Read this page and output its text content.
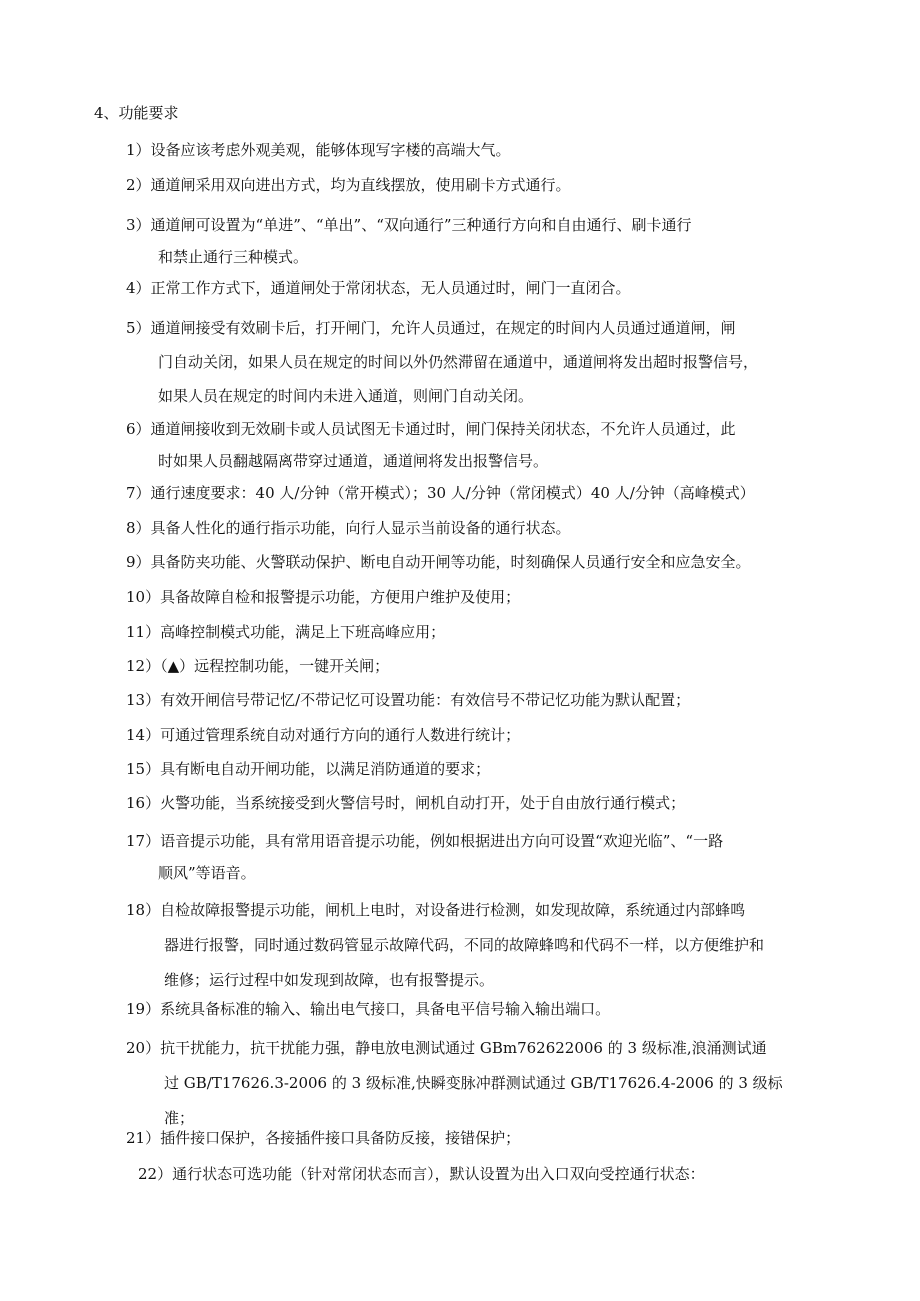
4、功能要求
1）设备应该考虑外观美观，能够体现写字楼的高端大气。
2）通道闸采用双向进出方式，均为直线摆放，使用刷卡方式通行。
3）通道闸可设置为“单进”、“单出”、“双向通行”三种通行方向和自由通行、刷卡通行
和禁止通行三种模式。
4）正常工作方式下，通道闸处于常闭状态，无人员通过时，闸门一直闭合。
5）通道闸接受有效刷卡后，打开闸门，允许人员通过，在规定的时间内人员通过通道闸，闸
门自动关闭，如果人员在规定的时间以外仍然滞留在通道中，通道闸将发出超时报警信号，
如果人员在规定的时间内未进入通道，则闸门自动关闭。
6）通道闸接收到无效刷卡或人员试图无卡通过时，闸门保持关闭状态，不允许人员通过，此
时如果人员翻越隔离带穿过通道，通道闸将发出报警信号。
7）通行速度要求：40 人/分钟（常开模式）；30 人/分钟（常闭模式）40 人/分钟（高峰模式）
8）具备人性化的通行指示功能，向行人显示当前设备的通行状态。
9）具备防夹功能、火警联动保护、断电自动开闸等功能，时刻确保人员通行安全和应急安全。
10）具备故障自检和报警提示功能，方便用户维护及使用；
11）高峰控制模式功能，满足上下班高峰应用；
12）（▲）远程控制功能，一键开关闸；
13）有效开闸信号带记忆/不带记忆可设置功能：有效信号不带记忆功能为默认配置；
14）可通过管理系统自动对通行方向的通行人数进行统计；
15）具有断电自动开闸功能，以满足消防通道的要求；
16）火警功能，当系统接受到火警信号时，闸机自动打开，处于自由放行通行模式；
17）语音提示功能，具有常用语音提示功能，例如根据进出方向可设置“欢迎光临”、“一路
顺风”等语音。
18）自检故障报警提示功能，闸机上电时，对设备进行检测，如发现故障，系统通过内部蜂鸣
器进行报警，同时通过数码管显示故障代码，不同的故障蜂鸣和代码不一样，以方便维护和
维修；运行过程中如发现到故障，也有报警提示。
19）系统具备标准的输入、输出电气接口，具备电平信号输入输出端口。
20）抗干扰能力，抗干扰能力强，静电放电测试通过 GBm762622006 的 3 级标准,浪涌测试通
过 GB/T17626.3-2006 的 3 级标准,快瞬变脉冲群测试通过 GB/T17626.4-2006 的 3 级标
准；
21）插件接口保护，各接插件接口具备防反接，接错保护；
22）通行状态可选功能（针对常闭状态而言），默认设置为出入口双向受控通行状态：
